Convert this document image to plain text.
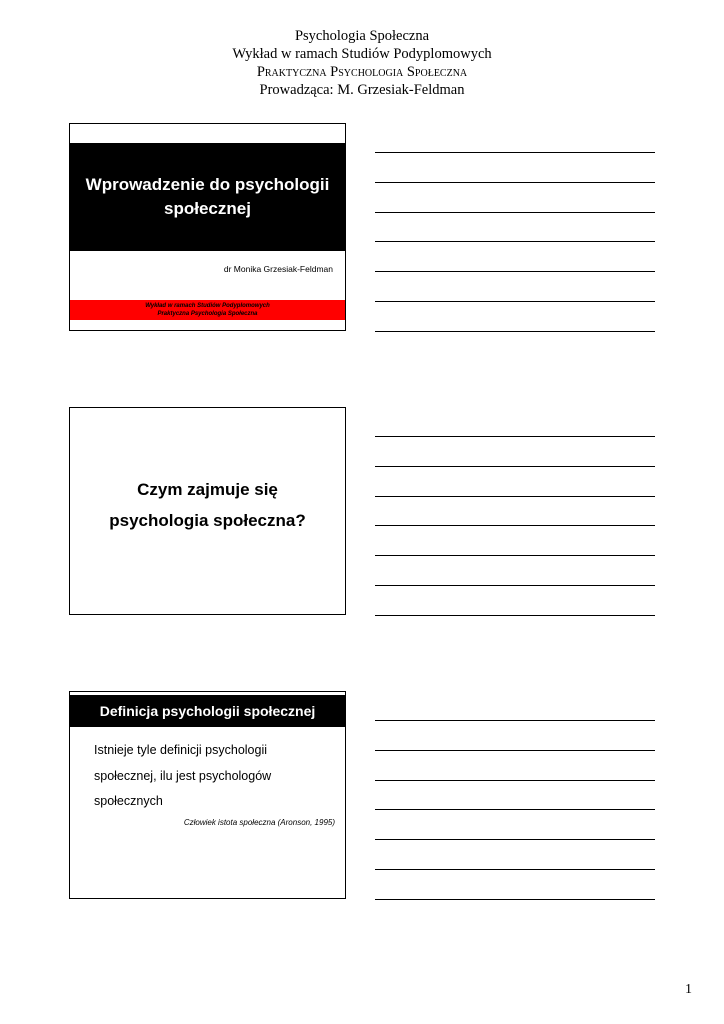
Psychologia Społeczna
Wykład w ramach Studiów Podyplomowych
Praktyczna Psychologia Społeczna
Prowadząca: M. Grzesiak-Feldman
Wprowadzenie do psychologii
społecznej
dr Monika Grzesiak-Feldman
Wykład w ramach Studiów Podyplomowych
Praktyczna Psychologia Społeczna
Czym zajmuje się
psychologia społeczna?
Definicja psychologii społecznej
Istnieje tyle definicji psychologii
społecznej, ilu jest psychologów
społecznych
Człowiek istota społeczna (Aronson, 1995)
1
